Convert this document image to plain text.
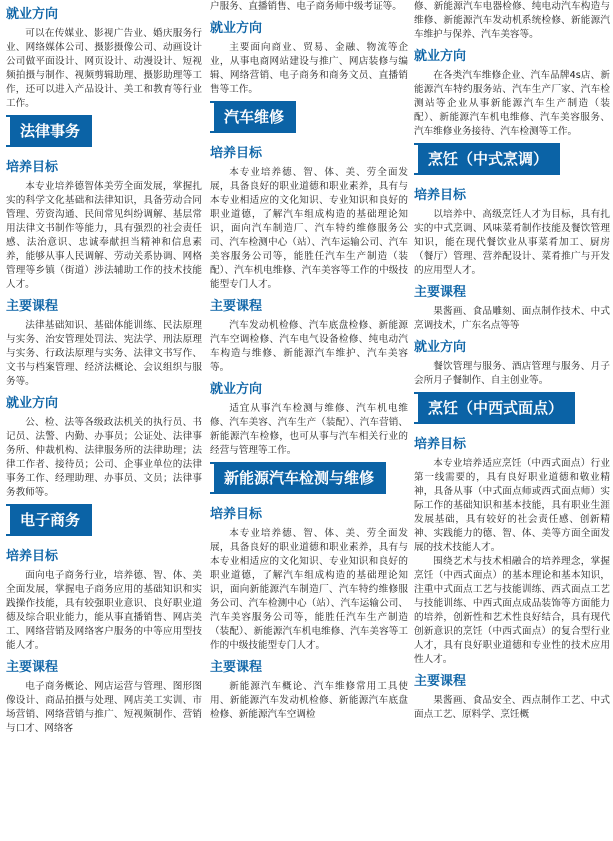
就业方向

可以在传媒业、影视广告业、婚庆服务行业、网络媒体公司、摄影摄像公司、动画设计公司做平面设计、网页设计、动漫设计、短视频拍摄与制作、视频剪辑助理、摄影助理等工作，还可以进入产品设计、美工和教育等行业工作。

法律事务
培养目标

本专业培养德智体美劳全面发展，掌握扎实的科学文化基础和法律知识，具备劳动合同管理、劳资沟通、民间常见纠纷调解、基层常用法律文书制作等能力，具有强烈的社会责任感、法治意识、忠诚奉献担当精神和信息素养，能够从事人民调解、劳动关系协调、网格管理等乡镇（街道）涉法辅助工作的技术技能人才。

主要课程

法律基础知识、基础体能训练、民法原理与实务、治安管理处罚法、宪法学、刑法原理与实务、行政法原理与实务、法律文书写作、文书与档案管理、经济法概论、会议组织与服务等。

就业方向

公、检、法等各级政法机关的执行员、书记员、法警、内勤、办事员；公证处、法律事务所、仲裁机构、法律服务所的法律助理；法律工作者、接待员；公司、企事业单位的法律事务工作、经理助理、办事员、文员；法律事务教师等。

电子商务
培养目标

面向电子商务行业，培养德、智、体、美全面发展，掌握电子商务应用的基础知识和实践操作技能，具有较强职业意识、良好职业道德及综合职业能力，能从事直播销售、网店美工、网络营销及网络客户服务的中等应用型技能人才。

主要课程

电子商务概论、网店运营与管理、图形图像设计、商品拍摄与处理、网店美工实训、市场营销、网络营销与推广、短视频制作、营销与口才、网络客

户服务、直播销售、电子商务师中级考证等。

就业方向

主要面向商业、贸易、金融、物流等企业，从事电商网站建设与推广、网店装修与编辑、网络营销、电子商务和商务文员、直播销售等工作。

汽车维修
培养目标

本专业培养德、智、体、美、劳全面发展，具备良好的职业道德和职业素养，具有与本专业相适应的文化知识、专业知识和良好的职业道德，了解汽车组成构造的基础理论知识，面向汽车制造厂、汽车特约维修服务公司、汽车检测中心（站）、汽车运输公司、汽车美容服务公司等，能胜任汽车生产制造（装配）、汽车机电维修、汽车美容等工作的中级技能型专门人才。

主要课程

汽车发动机检修、汽车底盘检修、新能源汽车空调检修、汽车电气设备检修、纯电动汽车构造与维修、新能源汽车维护、汽车美容等。

就业方向

适宜从事汽车检测与维修、汽车机电维修、汽车美容、汽车生产（装配）、汽车营销、新能源汽车检修，也可从事与汽车相关行业的经营与管理等工作。

新能源汽车检测与维修
培养目标

本专业培养德、智、体、美、劳全面发展，具备良好的职业道德和职业素养，具有与本专业相适应的文化知识、专业知识和良好的职业道德，了解汽车组成构造的基础理论知识，面向新能源汽车制造厂、汽车特约维修服务公司、汽车检测中心（站）、汽车运输公司、汽车美容服务公司等，能胜任汽车生产制造（装配）、新能源汽车机电维修、汽车美容等工作的中级技能型专门人才。

主要课程

新能源汽车概论、汽车维修常用工具使用、新能源汽车发动机检修、新能源汽车底盘检修、新能源汽车空调检

修、新能源汽车电器检修、纯电动汽车构造与维修、新能源汽车发动机系统检修、新能源汽车维护与保养、汽车美容等。

就业方向

在各类汽车维修企业、汽车品牌4s店、新能源汽车特约服务站、汽车生产厂家、汽车检测站等企业从事新能源汽车生产制造（装配）、新能源汽车机电维修、汽车美容服务、汽车维修业务接待、汽车检测等工作。

烹饪（中式烹调）
培养目标

以培养中、高级烹饪人才为目标，具有扎实的中式烹调、风味菜肴制作技能及餐饮管理知识，能在现代餐饮业从事菜肴加工、厨房（餐厅）管理、营养配设计、菜肴推广与开发的应用型人才。

主要课程

果酱画、食品雕刻、面点制作技术、中式烹调技术，广东名点等等

就业方向

餐饮管理与服务、酒店管理与服务、月子会所月子餐制作、自主创业等。

烹饪（中西式面点）
培养目标

本专业培养适应烹饪（中西式面点）行业第一线需要的，具有良好职业道德和敬业精神，具备从事（中式面点师或西式面点师）实际工作的基础知识和基本技能，具有职业生涯发展基础，具有较好的社会责任感、创新精神、实践能力的德、智、体、美等方面全面发展的技术技能人才。

围绕艺术与技术相融合的培养理念，掌握烹饪（中西式面点）的基本理论和基本知识，注重中式面点工艺与技能训练、西式面点工艺与技能训练、中西式面点成品装饰等方面能力的培养，创新性和艺术性良好结合，具有现代创新意识的烹饪（中西式面点）的复合型行业人才，具有良好职业道德和专业性的技术应用性人才。

主要课程

果酱画、食品安全、西点制作工艺、中式面点工艺、原料学、烹饪概
